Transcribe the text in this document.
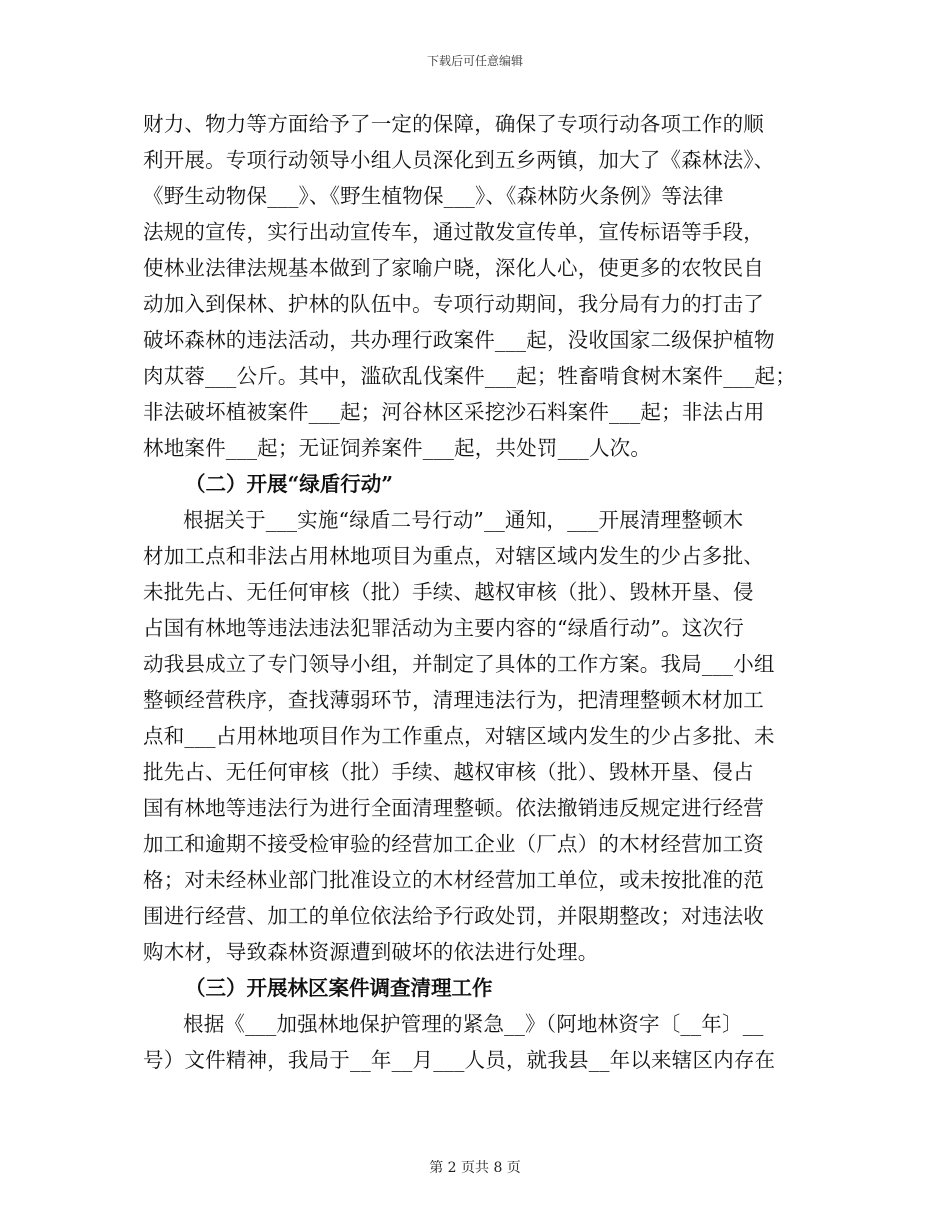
下载后可任意编辑
财力、物力等方面给予了一定的保障，确保了专项行动各项工作的顺
利开展。专项行动领导小组人员深化到五乡两镇，加大了《森林法》、
《野生动物保___》、《野生植物保___》、《森林防火条例》等法律
法规的宣传，实行出动宣传车，通过散发宣传单，宣传标语等手段，
使林业法律法规基本做到了家喻户晓，深化人心，使更多的农牧民自
动加入到保林、护林的队伍中。专项行动期间，我分局有力的打击了
破坏森林的违法活动，共办理行政案件___起，没收国家二级保护植物
肉苁蓉___公斤。其中，滥砍乱伐案件___起；牲畜啃食树木案件___起；
非法破坏植被案件___起；河谷林区采挖沙石料案件___起；非法占用
林地案件___起；无证饲养案件___起，共处罚___人次。
（二）开展“绿盾行动”
根据关于___实施“绿盾二号行动”__通知，___开展清理整顿木
材加工点和非法占用林地项目为重点，对辖区域内发生的少占多批、
未批先占、无任何审核（批）手续、越权审核（批）、毁林开垦、侵
占国有林地等违法违法犯罪活动为主要内容的“绿盾行动”。这次行
动我县成立了专门领导小组，并制定了具体的工作方案。我局___小组
整顿经营秩序，查找薄弱环节，清理违法行为，把清理整顿木材加工
点和___占用林地项目作为工作重点，对辖区域内发生的少占多批、未
批先占、无任何审核（批）手续、越权审核（批）、毁林开垦、侵占
国有林地等违法行为进行全面清理整顿。依法撤销违反规定进行经营
加工和逾期不接受检审验的经营加工企业（厂点）的木材经营加工资
格；对未经林业部门批准设立的木材经营加工单位，或未按批准的范
围进行经营、加工的单位依法给予行政处罚，并限期整改；对违法收
购木材，导致森林资源遭到破坏的依法进行处理。
（三）开展林区案件调查清理工作
根据《___加强林地保护管理的紧急__》（阿地林资字〔__年〕__
号）文件精神，我局于__年__月___人员，就我县__年以来辖区内存在
第 2 页共 8 页
